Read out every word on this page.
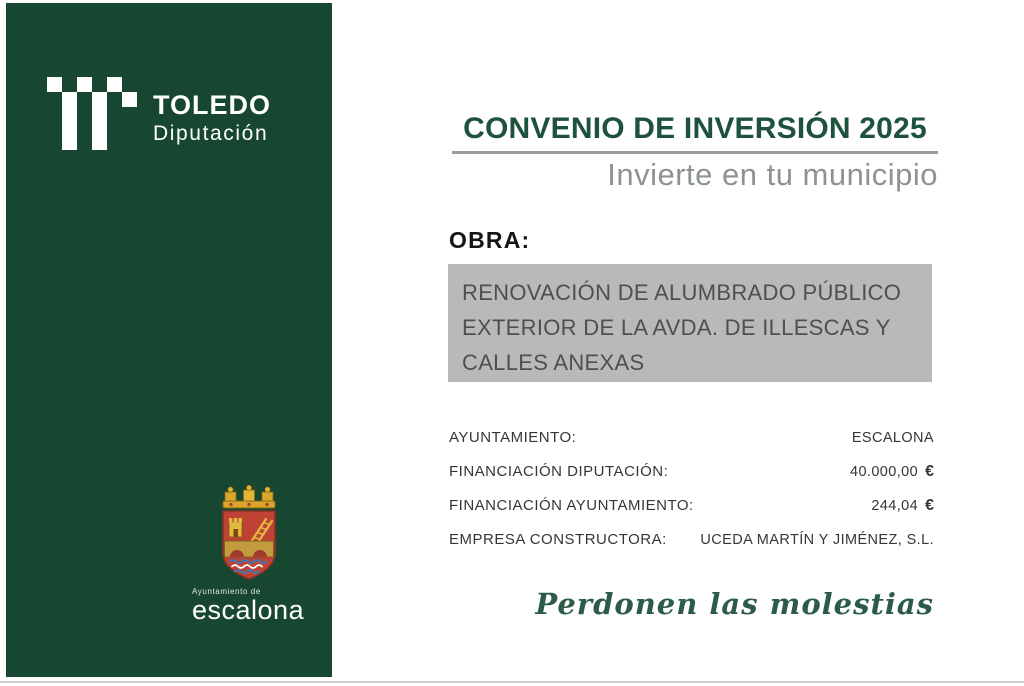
TOLEDO
Diputación
Ayuntamiento de
escalona
CONVENIO DE INVERSIÓN 2025
Invierte en tu municipio
OBRA:
RENOVACIÓN DE ALUMBRADO PÚBLICO
EXTERIOR DE LA AVDA. DE ILLESCAS Y
CALLES ANEXAS
AYUNTAMIENTO:	ESCALONA
FINANCIACIÓN DIPUTACIÓN:	40.000,00 €
FINANCIACIÓN AYUNTAMIENTO:	244,04 €
EMPRESA CONSTRUCTORA: UCEDA MARTÍN Y JIMÉNEZ, S.L.
Perdonen las molestias
